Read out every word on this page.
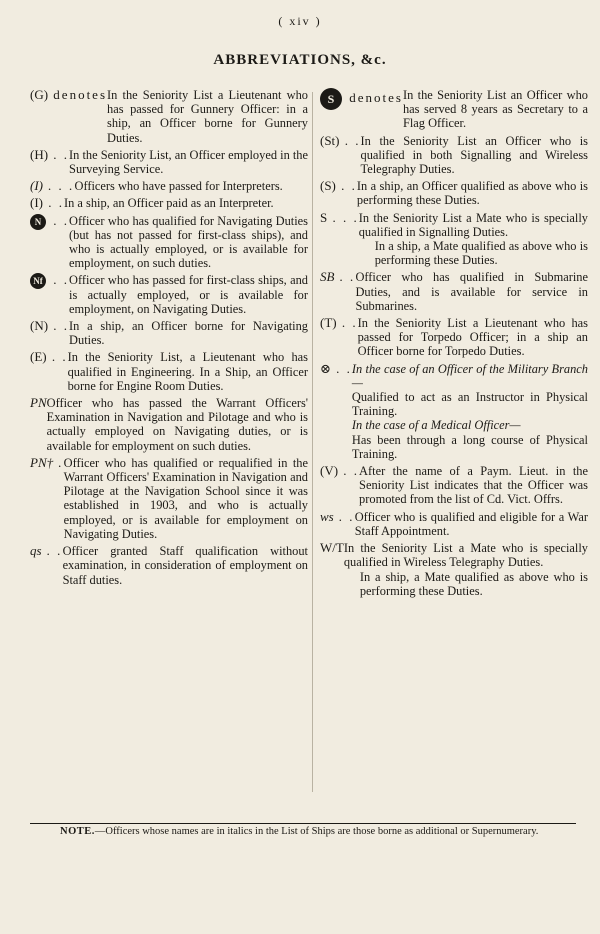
( xiv )
ABBREVIATIONS, &c.
(G) denotes In the Seniority List a Lieutenant who has passed for Gunnery Officer: in a ship, an Officer borne for Gunnery Duties.

(H) . . In the Seniority List, an Officer employed in the Surveying Service.

(I) . . . Officers who have passed for Interpreters.

(I) . . In a ship, an Officer paid as an Interpreter.

N . . Officer who has qualified for Navigating Duties (but has not passed for first-class ships), and who is actually employed, or is available for employment, on such duties.

Nf . . Officer who has passed for first-class ships, and is actually employed, or is available for employment, on Navigating Duties.

(N) . . In a ship, an Officer borne for Navigating Duties.

(E) . . In the Seniority List, a Lieutenant who has qualified in Engineering. In a Ship, an Officer borne for Engine Room Duties.

PN Officer who has passed the Warrant Officers' Examination in Navigation and Pilotage and who is actually employed on Navigating duties, or is available for employment on such duties.

PN† . Officer who has qualified or requalified in the Warrant Officers' Examination in Navigation and Pilotage at the Navigation School since it was established in 1903, and who is actually employed, or is available for employment on Navigating Duties.

qs . . Officer granted Staff qualification without examination, in consideration of employment on Staff duties.

S denotes In the Seniority List an Officer who has served 8 years as Secretary to a Flag Officer.

(St) . . In the Seniority List an Officer who is qualified in both Signalling and Wireless Telegraphy Duties.

(S) . . In a ship, an Officer qualified as above who is performing these Duties.

S . . . In the Seniority List a Mate who is specially qualified in Signalling Duties.

In a ship, a Mate qualified as above who is performing these Duties.

SB . . Officer who has qualified in Submarine Duties, and is available for service in Submarines.

(T) . . In the Seniority List a Lieutenant who has passed for Torpedo Officer; in a ship an Officer borne for Torpedo Duties.

⊗ . . In the case of an Officer of the Military Branch—

Qualified to act as an Instructor in Physical Training.

In the case of a Medical Officer—

Has been through a long course of Physical Training.

(V) . . After the name of a Paym. Lieut. in the Seniority List indicates that the Officer was promoted from the list of Cd. Vict. Offrs.

ws . . Officer who is qualified and eligible for a War Staff Appointment.

W/T In the Seniority List a Mate who is specially qualified in Wireless Telegraphy Duties.

In a ship, a Mate qualified as above who is performing these Duties.

NOTE.—Officers whose names are in italics in the List of Ships are those borne as additional or Supernumerary.
